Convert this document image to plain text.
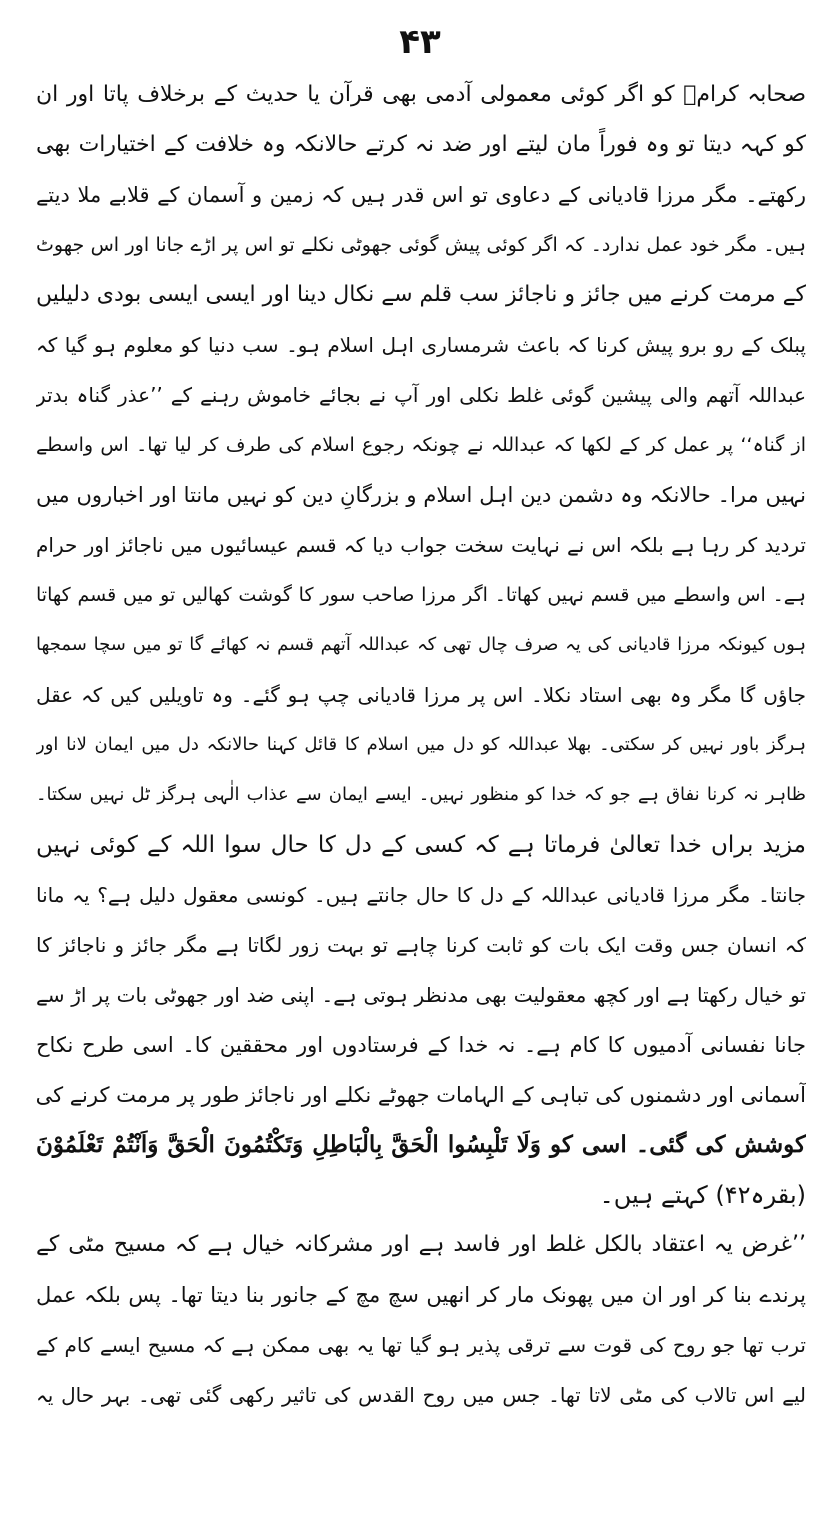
۴۳
صحابہ کرامؓ کو اگر کوئی معمولی آدمی بھی قرآن یا حدیث کے برخلاف پاتا اور ان
کو کہہ دیتا تو وہ فوراً مان لیتے اور ضد نہ کرتے حالانکہ وہ خلافت کے اختیارات بھی
رکھتے۔ مگر مرزا قادیانی کے دعاوی تو اس قدر ہیں کہ زمین و آسمان کے قلابے ملا دیتے
ہیں۔ مگر خود عمل ندارد۔ کہ اگر کوئی پیش گوئی جھوٹی نکلے تو اس پر اڑے جانا اور اس جھوٹ
کے مرمت کرنے میں جائز و ناجائز سب قلم سے نکال دینا اور ایسی ایسی بودی دلیلیں
پبلک کے رو برو پیش کرنا کہ باعث شرمساری اہل اسلام ہو۔ سب دنیا کو معلوم ہو گیا کہ
عبداللہ آتھم والی پیشین گوئی غلط نکلی اور آپ نے بجائے خاموش رہنے کے ’’عذر گناہ بدتر
از گناہ‘‘ پر عمل کر کے لکھا کہ عبداللہ نے چونکہ رجوع اسلام کی طرف کر لیا تھا۔ اس واسطے
نہیں مرا۔ حالانکہ وہ دشمن دین اہل اسلام و بزرگانِ دین کو نہیں مانتا اور اخباروں میں
تردید کر رہا ہے بلکہ اس نے نہایت سخت جواب دیا کہ قسم عیسائیوں میں ناجائز اور حرام
ہے۔ اس واسطے میں قسم نہیں کھاتا۔ اگر مرزا صاحب سور کا گوشت کھالیں تو میں قسم کھاتا
ہوں کیونکہ مرزا قادیانی کی یہ صرف چال تھی کہ عبداللہ آتھم قسم نہ کھائے گا تو میں سچا سمجھا
جاؤں گا مگر وہ بھی استاد نکلا۔ اس پر مرزا قادیانی چپ ہو گئے۔ وہ تاویلیں کیں کہ عقل
ہرگز باور نہیں کر سکتی۔ بھلا عبداللہ کو دل میں اسلام کا قائل کہنا حالانکہ دل میں ایمان لانا اور
ظاہر نہ کرنا نفاق ہے جو کہ خدا کو منظور نہیں۔ ایسے ایمان سے عذاب الٰہی ہرگز ٹل نہیں سکتا۔
مزید براں خدا تعالیٰ فرماتا ہے کہ کسی کے دل کا حال سوا اللہ کے کوئی نہیں
جانتا۔ مگر مرزا قادیانی عبداللہ کے دل کا حال جانتے ہیں۔ کونسی معقول دلیل ہے؟ یہ مانا
کہ انسان جس وقت ایک بات کو ثابت کرنا چاہے تو بہت زور لگاتا ہے مگر جائز و ناجائز کا
تو خیال رکھتا ہے اور کچھ معقولیت بھی مدنظر ہوتی ہے۔ اپنی ضد اور جھوٹی بات پر اڑ سے
جانا نفسانی آدمیوں کا کام ہے۔ نہ خدا کے فرستادوں اور محققین کا۔ اسی طرح نکاح
آسمانی اور دشمنوں کی تباہی کے الہامات جھوٹے نکلے اور ناجائز طور پر مرمت کرنے کی
کوشش کی گئی۔ اسی کو وَلَا تَلْبِسُوا الْحَقَّ بِالْبَاطِلِ وَتَكْتُمُونَ الْحَقَّ وَاَنْتُمْ تَعْلَمُوْنَ
(بقرہ۴۲) کہتے ہیں۔
’’غرض یہ اعتقاد بالکل غلط اور فاسد ہے اور مشرکانہ خیال ہے کہ مسیح مٹی کے
پرندے بنا کر اور ان میں پھونک مار کر انھیں سچ مچ کے جانور بنا دیتا تھا۔ پس بلکہ عمل
ترب تھا جو روح کی قوت سے ترقی پذیر ہو گیا تھا یہ بھی ممکن ہے کہ مسیح ایسے کام کے
لیے اس تالاب کی مٹی لاتا تھا۔ جس میں روح القدس کی تاثیر رکھی گئی تھی۔ بہر حال یہ
